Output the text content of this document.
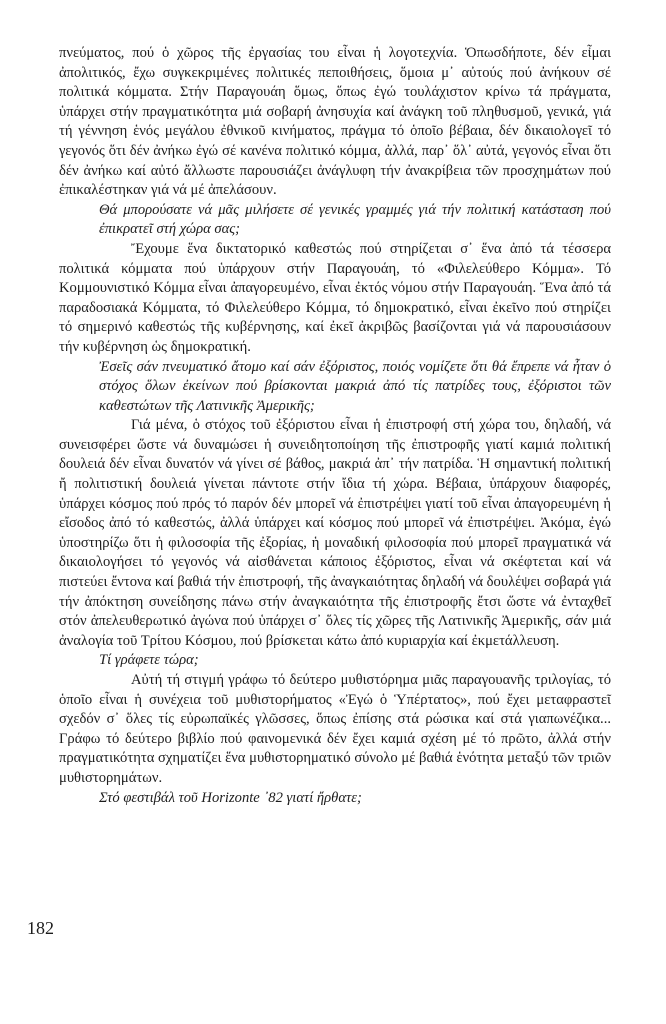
πνεύματος, πού ὁ χῶρος τῆς ἐργασίας του εἶναι ἡ λογοτεχνία. Ὁπωσδήποτε, δέν εἶμαι ἀπολιτικός, ἔχω συγκεκριμένες πολιτικές πεποιθήσεις, ὅμοια μ᾽ αὐτούς πού ἀνήκουν σέ πολιτικά κόμματα. Στήν Παραγουάη ὅμως, ὅπως ἐγώ τουλάχιστον κρίνω τά πράγματα, ὑπάρχει στήν πραγματικότητα μιά σοβαρή ἀνησυχία καί ἀνάγκη τοῦ πληθυσμοῦ, γενικά, γιά τή γέννηση ἑνός μεγάλου ἐθνικοῦ κινήματος, πράγμα τό ὁποῖο βέβαια, δέν δικαιολογεῖ τό γεγονός ὅτι δέν ἀνήκω ἐγώ σέ κανένα πολιτικό κόμμα, ἀλλά, παρ᾽ ὅλ᾽ αὐτά, γεγονός εἶναι ὅτι δέν ἀνήκω καί αὐτό ἄλλωστε παρουσιάζει ἀνάγλυφη τήν ἀνακρίβεια τῶν προσχημάτων πού ἐπικαλέστηκαν γιά νά μέ ἀπελάσουν.

Θά μπορούσατε νά μᾶς μιλήσετε σέ γενικές γραμμές γιά τήν πολιτική κατάσταση πού ἐπικρατεῖ στή χώρα σας;

Ἔχουμε ἕνα δικτατορικό καθεστώς πού στηρίζεται σ᾽ ἕνα ἀπό τά τέσσερα πολιτικά κόμματα πού ὑπάρχουν στήν Παραγουάη, τό «Φιλελεύθερο Κόμμα». Τό Κομμουνιστικό Κόμμα εἶναι ἀπαγορευμένο, εἶναι ἐκτός νόμου στήν Παραγουάη. Ἕνα ἀπό τά παραδοσιακά Κόμματα, τό Φιλελεύθερο Κόμμα, τό δημοκρατικό, εἶναι ἐκεῖνο πού στηρίζει τό σημερινό καθεστώς τῆς κυβέρνησης, καί ἐκεῖ ἀκριβῶς βασίζονται γιά νά παρουσιάσουν τήν κυβέρνηση ὡς δημοκρατική.

Ἐσεῖς σάν πνευματικό ἄτομο καί σάν ἐξόριστος, ποιός νομίζετε ὅτι θά ἔπρεπε νά ἦταν ὁ στόχος ὅλων ἐκείνων πού βρίσκονται μακριά ἀπό τίς πατρίδες τους, ἐξόριστοι τῶν καθεστώτων τῆς Λατινικῆς Ἀμερικῆς;

Γιά μένα, ὁ στόχος τοῦ ἐξόριστου εἶναι ἡ ἐπιστροφή στή χώρα του, δηλαδή, νά συνεισφέρει ὥστε νά δυναμώσει ἡ συνειδητοποίηση τῆς ἐπιστροφῆς γιατί καμιά πολιτική δουλειά δέν εἶναι δυνατόν νά γίνει σέ βάθος, μακριά ἀπ᾽ τήν πατρίδα. Ἡ σημαντική πολιτική ἤ πολιτιστική δουλειά γίνεται πάντοτε στήν ἴδια τή χώρα. Βέβαια, ὑπάρχουν διαφορές, ὑπάρχει κόσμος πού πρός τό παρόν δέν μπορεῖ νά ἐπιστρέψει γιατί τοῦ εἶναι ἀπαγορευμένη ἡ εἴσοδος ἀπό τό καθεστώς, ἀλλά ὑπάρχει καί κόσμος πού μπορεῖ νά ἐπιστρέψει. Ἀκόμα, ἐγώ ὑποστηρίζω ὅτι ἡ φιλοσοφία τῆς ἐξορίας, ἡ μοναδική φιλοσοφία πού μπορεῖ πραγματικά νά δικαιολογήσει τό γεγονός νά αἰσθάνεται κάποιος ἐξόριστος, εἶναι νά σκέφτεται καί νά πιστεύει ἔντονα καί βαθιά τήν ἐπιστροφή, τῆς ἀναγκαιότητας δηλαδή νά δουλέψει σοβαρά γιά τήν ἀπόκτηση συνείδησης πάνω στήν ἀναγκαιότητα τῆς ἐπιστροφῆς ἔτσι ὥστε νά ἐνταχθεῖ στόν ἀπελευθερωτικό ἀγώνα πού ὑπάρχει σ᾽ ὅλες τίς χῶρες τῆς Λατινικῆς Ἀμερικῆς, σάν μιά ἀναλογία τοῦ Τρίτου Κόσμου, πού βρίσκεται κάτω ἀπό κυριαρχία καί ἐκμετάλλευση.

Τί γράφετε τώρα;

Αὐτή τή στιγμή γράφω τό δεύτερο μυθιστόρημα μιᾶς παραγουανῆς τριλογίας, τό ὁποῖο εἶναι ἡ συνέχεια τοῦ μυθιστορήματος «Ἐγώ ὁ Ὑπέρτατος», πού ἔχει μεταφραστεῖ σχεδόν σ᾽ ὅλες τίς εὐρωπαϊκές γλῶσσες, ὅπως ἐπίσης στά ρώσικα καί στά γιαπωνέζικα... Γράφω τό δεύτερο βιβλίο πού φαινομενικά δέν ἔχει καμιά σχέση μέ τό πρῶτο, ἀλλά στήν πραγματικότητα σχηματίζει ἕνα μυθιστορηματικό σύνολο μέ βαθιά ἑνότητα μεταξύ τῶν τριῶν μυθιστορημάτων.

Στό φεστιβάλ τοῦ Horizonte ᾽82 γιατί ἤρθατε;

182
